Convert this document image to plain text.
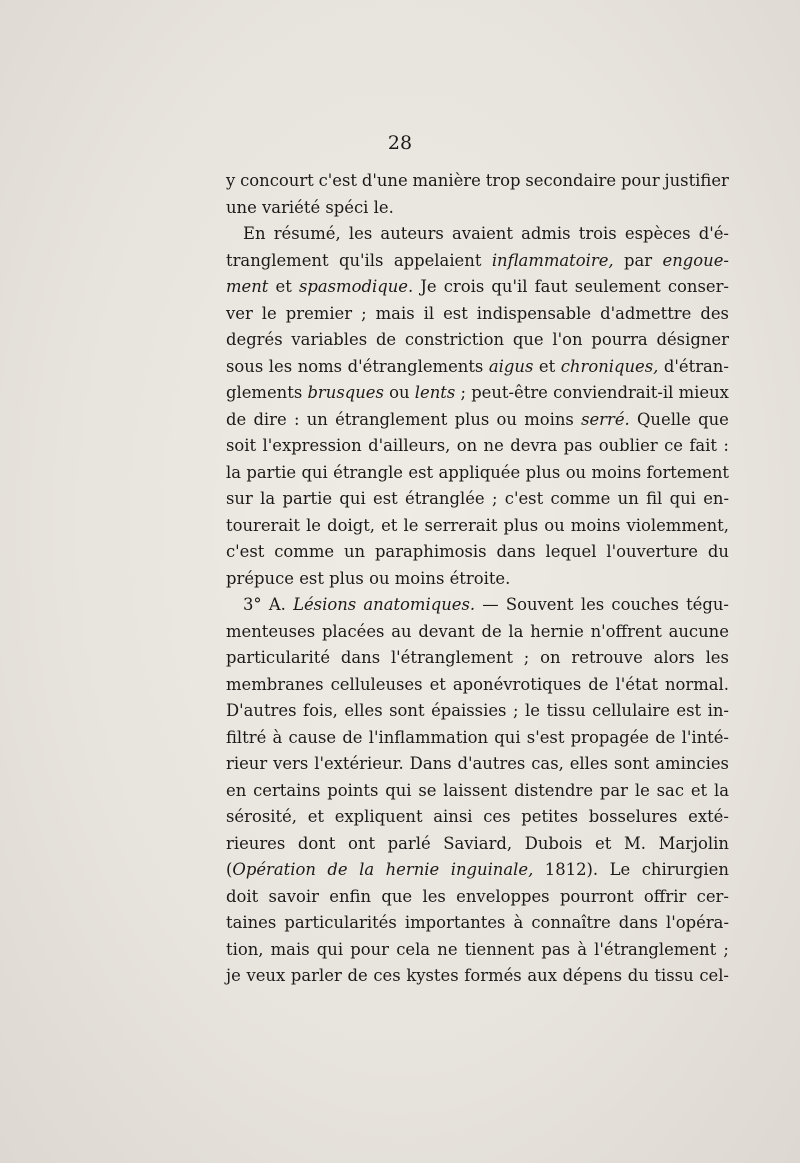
28
y concourt c'est d'une manière trop secondaire pour justifier
une variété spéci le.
En résumé, les auteurs avaient admis trois espèces d'é-
tranglement qu'ils appelaient inflammatoire, par engoue-
ment et spasmodique. Je crois qu'il faut seulement conser-
ver le premier ; mais il est indispensable d'admettre des
degrés variables de constriction que l'on pourra désigner
sous les noms d'étranglements aigus et chroniques, d'étran-
glements brusques ou lents ; peut-être conviendrait-il mieux
de dire : un étranglement plus ou moins serré. Quelle que
soit l'expression d'ailleurs, on ne devra pas oublier ce fait :
la partie qui étrangle est appliquée plus ou moins fortement
sur la partie qui est étranglée ; c'est comme un fil qui en-
tourerait le doigt, et le serrerait plus ou moins violemment,
c'est comme un paraphimosis dans lequel l'ouverture du
prépuce est plus ou moins étroite.
3° A. Lésions anatomiques. — Souvent les couches tégu-
menteuses placées au devant de la hernie n'offrent aucune
particularité dans l'étranglement ; on retrouve alors les
membranes celluleuses et aponévrotiques de l'état normal.
D'autres fois, elles sont épaissies ; le tissu cellulaire est in-
filtré à cause de l'inflammation qui s'est propagée de l'inté-
rieur vers l'extérieur. Dans d'autres cas, elles sont amincies
en certains points qui se laissent distendre par le sac et la
sérosité, et expliquent ainsi ces petites bosselures exté-
rieures dont ont parlé Saviard, Dubois et M. Marjolin
(Opération de la hernie inguinale, 1812). Le chirurgien
doit savoir enfin que les enveloppes pourront offrir cer-
taines particularités importantes à connaître dans l'opéra-
tion, mais qui pour cela ne tiennent pas à l'étranglement ;
je veux parler de ces kystes formés aux dépens du tissu cel-
